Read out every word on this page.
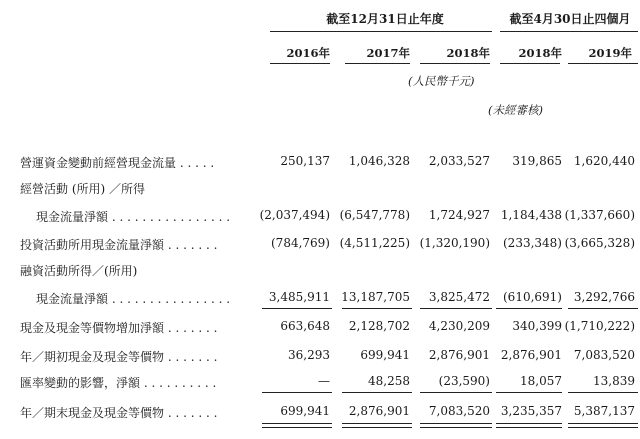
截至12月31日止年度	截至4月30日止四個月
2016年	2017年	2018年	2018年	2019年
(人民幣千元)
(未經審核)
營運資金變動前經營現金流量 . . . . .	250,137	1,046,328	2,033,527	319,865 1,620,440
經營活動 (所用) ／所得
現金流量淨額 . . . . . . . . . . . . . . . .	(2,037,494) (6,547,778)	1,724,927 1,184,438 (1,337,660)
投資活動所用現金流量淨額 . . . . . . .	(784,769) (4,511,225) (1,320,190)	(233,348) (3,665,328)
融資活動所得／(所用)
現金流量淨額 . . . . . . . . . . . . . . . .	3,485,911 13,187,705	3,825,472	(610,691) 3,292,766
現金及現金等價物增加淨額 . . . . . . .	663,648	2,128,702	4,230,209	340,399 (1,710,222)
年／期初現金及現金等價物 . . . . . . .	36,293	699,941	2,876,901 2,876,901 7,083,520
匯率變動的影響，淨額 . . . . . . . . . .	—	48,258	(23,590)	18,057	13,839
年／期末現金及現金等價物 . . . . . . .	699,941	2,876,901	7,083,520 3,235,357 5,387,137
